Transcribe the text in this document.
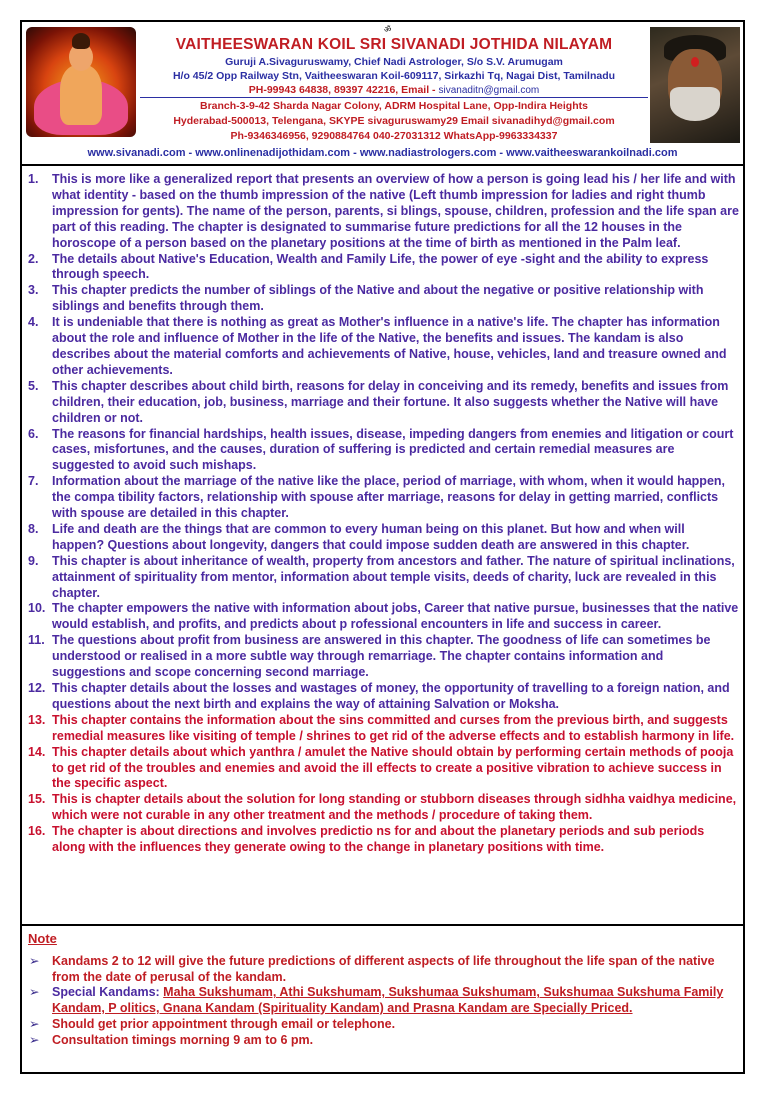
ॐ
VAITHEESWARAN KOIL SRI SIVANADI JOTHIDA NILAYAM
Guruji A.Sivaguruswamy, Chief Nadi Astrologer, S/o S.V. Arumugam
H/o 45/2 Opp Railway Stn, Vaitheeswaran Koil-609117, Sirkazhi Tq, Nagai Dist, Tamilnadu
PH-99943 64838, 89397 42216, Email - sivanaditn@gmail.com
Branch-3-9-42 Sharda Nagar Colony, ADRM Hospital Lane, Opp-Indira Heights
Hyderabad-500013, Telengana, SKYPE sivaguruswamy29 Email sivanadihyd@gmail.com
Ph-9346346956, 9290884764 040-27031312 WhatsApp-9963334337
www.sivanadi.com - www.onlinenadijothidam.com - www.nadiastrologers.com - www.vaitheeswarankoilnadi.com
1.	This is more like a generalized report that presents an overview of how a person is going lead his / her life and with what identity - based on the thumb impression of the native (Left thumb impression for ladies and right thumb impression for gents). The name of the person, parents, si blings, spouse, children, profession and the life span are part of this reading. The chapter is designated to summarise future predictions for all the 12 houses in the horoscope of a person based on the planetary positions at the time of birth as mentioned in the Palm leaf.
2.	The details about Native's Education, Wealth and Family Life, the power of eye -sight and the ability to express through speech.
3.	This chapter predicts the number of siblings of the Native and about the negative or positive relationship with siblings and benefits through them.
4.	It is undeniable that there is nothing as great as Mother's influence in a native's life. The chapter has information about the role and influence of Mother in the life of the Native, the benefits and issues. The kandam is also describes about the material comforts and achievements of Native, house, vehicles, land and treasure owned and other achievements.
5.	This chapter describes about child birth, reasons for delay in conceiving and its remedy, benefits and issues from children, their education, job, business, marriage and their fortune. It also suggests whether the Native will have children or not.
6.	The reasons for financial hardships, health issues, disease, impeding dangers from enemies and litigation or court cases, misfortunes, and the causes, duration of suffering is predicted and certain remedial measures are suggested to avoid such mishaps.
7.	Information about the marriage of the native like the place, period of marriage, with whom, when it would happen, the compa tibility factors, relationship with spouse after marriage, reasons for delay in getting married, conflicts with spouse are detailed in this chapter.
8.	Life and death are the things that are common to every human being on this planet. But how and when will happen? Questions about longevity, dangers that could impose sudden death are answered in this chapter.
9.	This chapter is about inheritance of wealth, property from ancestors and father. The nature of spiritual inclinations, attainment of spirituality from mentor, information about temple visits, deeds of charity, luck are revealed in this chapter.
10. The chapter empowers the native with information about jobs, Career that native pursue, businesses that the native would establish, and profits, and predicts about p rofessional encounters in life and success in career.
11. The questions about profit from business are answered in this chapter. The goodness of life can sometimes be understood or realised in a more subtle way through remarriage. The chapter contains information and suggestions and scope concerning second marriage.
12. This chapter details about the losses and wastages of money, the opportunity of travelling to a foreign nation, and questions about the next birth and explains the way of attaining Salvation or Moksha.
13. This chapter contains the information about the sins committed and curses from the previous birth, and suggests remedial measures like visiting of temple / shrines to get rid of the adverse effects and to establish harmony in life.
14. This chapter details about which yanthra / amulet the Native should obtain by performing certain methods of pooja to get rid of the troubles and enemies and avoid the ill effects to create a positive vibration to achieve success in the specific aspect.
15. This is chapter details about the solution for long standing or stubborn diseases through sidhha vaidhya medicine, which were not curable in any other treatment and the methods / procedure of taking them.
16. The chapter is about directions and involves predictio ns for and about the planetary periods and sub periods along with the influences they generate owing to the change in planetary positions with time.
Note
➢ Kandams 2 to 12 will give the future predictions of different aspects of life throughout the life span of the native from the date of perusal of the kandam.
➢ Special Kandams: Maha Sukshumam, Athi Sukshumam, Sukshumaa Sukshumam, Sukshumaa Sukshuma Family Kandam, P olitics, Gnana Kandam (Spirituality Kandam) and Prasna Kandam are Specially Priced.
➢ Should get prior appointment through email or telephone.
➢ Consultation timings morning 9 am to 6 pm.
